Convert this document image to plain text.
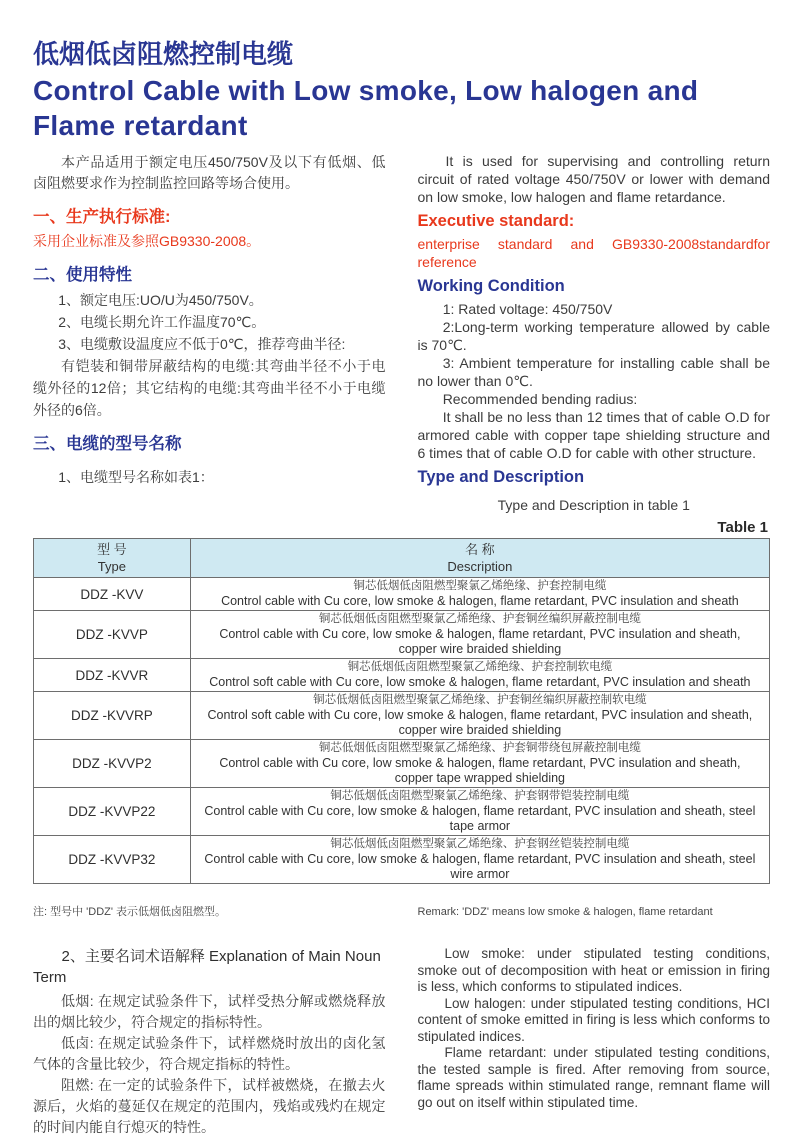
低烟低卤阻燃控制电缆
Control Cable with Low smoke, Low halogen and
Flame retardant

本产品适用于额定电压450/750V及以下有低烟、低卤阻燃要求作为控制监控回路等场合使用。

一、生产执行标准:

采用企业标准及参照GB9330-2008。

二、使用特性

1、额定电压:UO/U为450/750V。

2、电缆长期允许工作温度70℃。

3、电缆敷设温度应不低于0℃，推荐弯曲半径:

有铠装和铜带屏蔽结构的电缆:其弯曲半径不小于电缆外径的12倍；其它结构的电缆:其弯曲半径不小于电缆外径的6倍。

三、电缆的型号名称

1、电缆型号名称如表1：

It is used for supervising and controlling return circuit of rated voltage 450/750V or lower with demand on low smoke, low halogen and flame retardance.

Executive standard:

enterprise standard and GB9330-2008standardfor reference

Working Condition

1: Rated voltage: 450/750V

2:Long-term working temperature allowed by cable is 70℃.

3: Ambient temperature for installing cable shall be no lower than 0℃.

Recommended bending radius:

It shall be no less than 12 times that of cable O.D for armored cable with copper tape shielding structure and 6 times that of cable O.D for cable with other structure.

Type and Description

Type and Description in table 1

Table 1
型 号
Type

名 称
Description

DDZ -KVV	铜芯低烟低卤阻燃型聚氯乙烯绝缘、护套控制电缆
Control cable with Cu core, low smoke & halogen, flame retardant, PVC insulation and sheath

DDZ -KVVP	铜芯低烟低卤阻燃型聚氯乙烯绝缘、护套铜丝编织屏蔽控制电缆
Control cable with Cu core, low smoke & halogen, flame retardant, PVC insulation and sheath, copper wire braided shielding

DDZ -KVVR	铜芯低烟低卤阻燃型聚氯乙烯绝缘、护套控制软电缆
Control soft cable with Cu core, low smoke & halogen, flame retardant, PVC insulation and sheath

DDZ -KVVRP	铜芯低烟低卤阻燃型聚氯乙烯绝缘、护套铜丝编织屏蔽控制软电缆
Control soft cable with Cu core, low smoke & halogen, flame retardant, PVC insulation and sheath, copper wire braided shielding

DDZ -KVVP2	铜芯低烟低卤阻燃型聚氯乙烯绝缘、护套铜带绕包屏蔽控制电缆
Control cable with Cu core, low smoke & halogen, flame retardant, PVC insulation and sheath, copper tape wrapped shielding

DDZ -KVVP22	铜芯低烟低卤阻燃型聚氯乙烯绝缘、护套钢带铠装控制电缆
Control cable with Cu core, low smoke & halogen, flame retardant, PVC insulation and sheath, steel tape armor

DDZ -KVVP32	铜芯低烟低卤阻燃型聚氯乙烯绝缘、护套钢丝铠装控制电缆
Control cable with Cu core, low smoke & halogen, flame retardant, PVC insulation and sheath, steel wire armor
注: 型号中 'DDZ' 表示低烟低卤阻燃型。	Remark: 'DDZ' means low smoke & halogen, flame retardant

2、主要名词术语解释 Explanation of Main Noun Term

低烟: 在规定试验条件下，试样受热分解或燃烧释放出的烟比较少，符合规定的指标特性。

低卤: 在规定试验条件下，试样燃烧时放出的卤化氢气体的含量比较少，符合规定指标的特性。

阻燃: 在一定的试验条件下，试样被燃烧，在撤去火源后，火焰的蔓延仅在规定的范围内，残焰或残灼在规定的时间内能自行熄灭的特性。

Low smoke: under stipulated testing conditions, smoke out of decomposition with heat or emission in firing is less, which conforms to stipulated indices.

Low halogen: under stipulated testing conditions, HCI content of smoke emitted in firing is less which conforms to stipulated indices.

Flame retardant: under stipulated testing conditions, the tested sample is fired. After removing from source, flame spreads within stimulated range, remnant flame will go out on itself within stipulated time.
